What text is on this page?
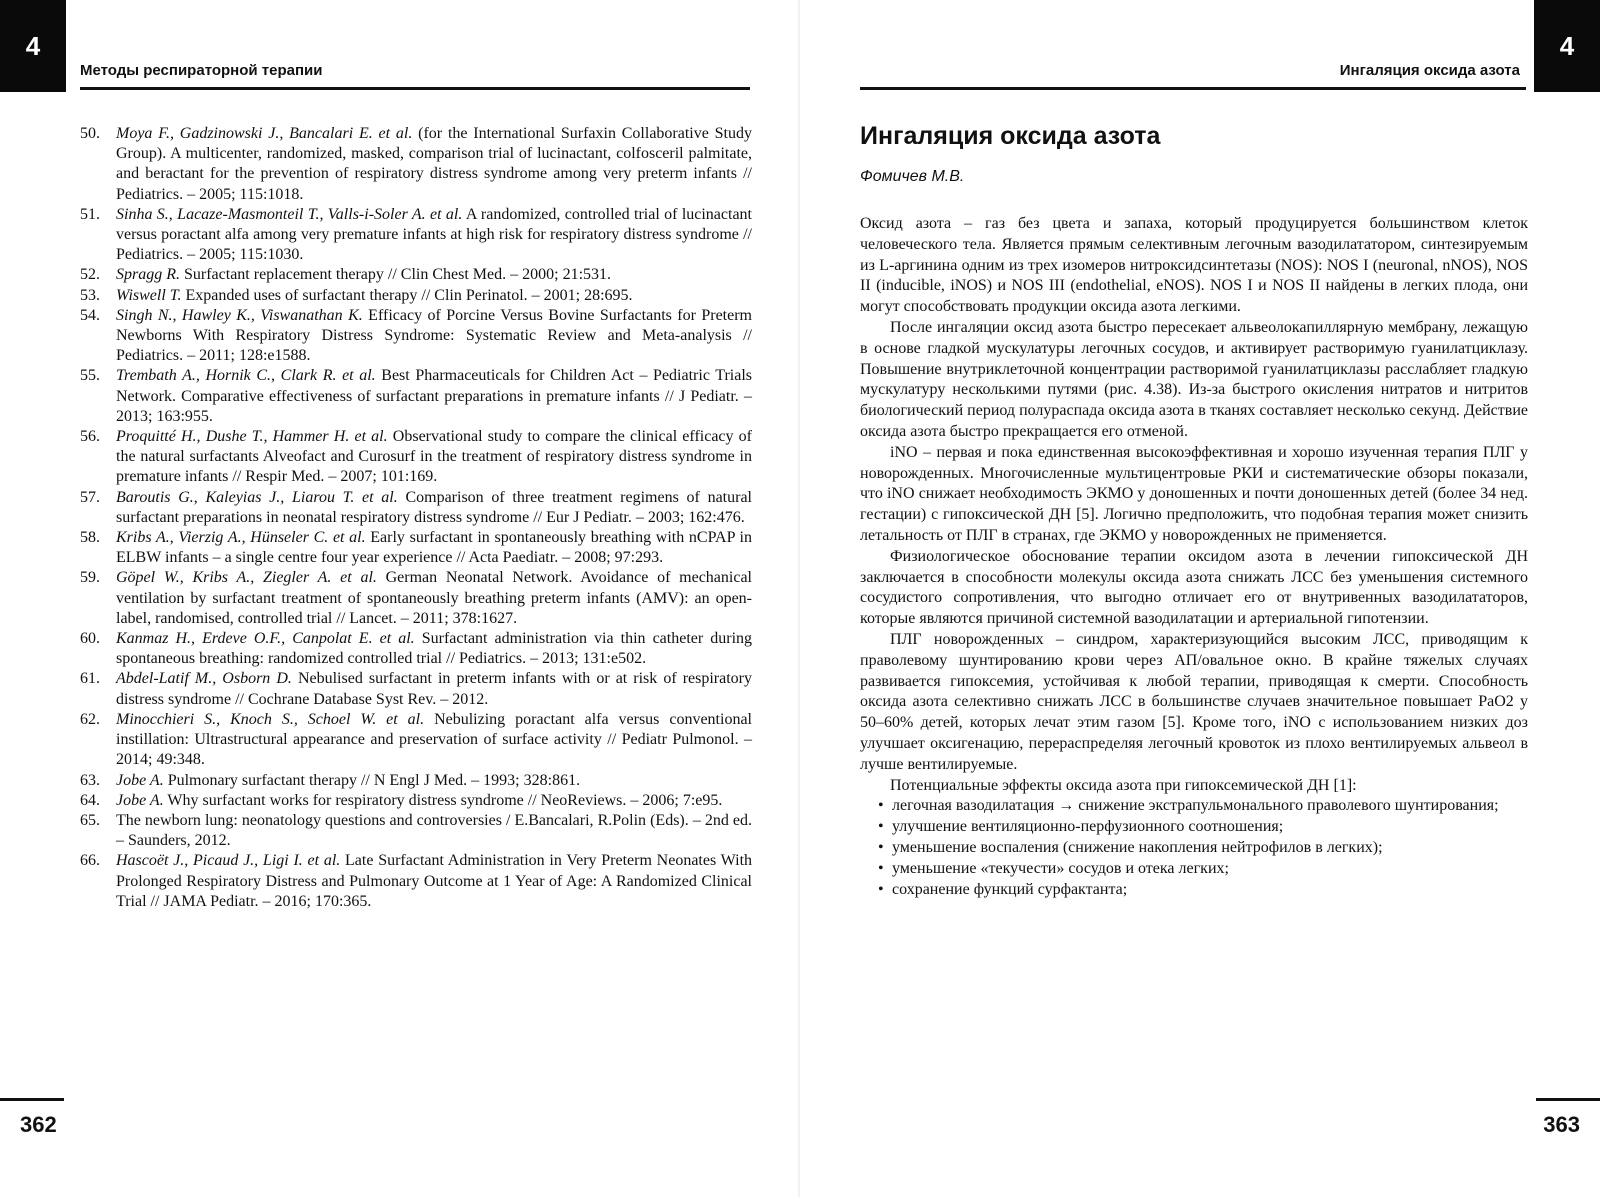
4
Методы респираторной терапии
50.	Moya F., Gadzinowski J., Bancalari E. et al. (for the International Surfaxin Collaborative Study Group). A multicenter, randomized, masked, comparison trial of lucinactant, colfosceril palmitate, and beractant for the prevention of respiratory distress syndrome among very preterm infants // Pediatrics. – 2005; 115:1018.
51.	Sinha S., Lacaze-Masmonteil T., Valls-i-Soler A. et al. A randomized, controlled trial of lucinactant versus poractant alfa among very premature infants at high risk for respiratory distress syndrome // Pediatrics. – 2005; 115:1030.
52.	Spragg R. Surfactant replacement therapy // Clin Chest Med. – 2000; 21:531.
53.	Wiswell T. Expanded uses of surfactant therapy // Clin Perinatol. – 2001; 28:695.
54.	Singh N., Hawley K., Viswanathan K. Efficacy of Porcine Versus Bovine Surfactants for Preterm Newborns With Respiratory Distress Syndrome: Systematic Review and Meta-analysis // Pediatrics. – 2011; 128:e1588.
55.	Trembath A., Hornik C., Clark R. et al. Best Pharmaceuticals for Children Act – Pediatric Trials Network. Comparative effectiveness of surfactant preparations in premature infants // J Pediatr. – 2013; 163:955.
56.	Proquitté H., Dushe T., Hammer H. et al. Observational study to compare the clinical efficacy of the natural surfactants Alveofact and Curosurf in the treatment of respiratory distress syndrome in premature infants // Respir Med. – 2007; 101:169.
57.	Baroutis G., Kaleyias J., Liarou T. et al. Comparison of three treatment regimens of natural surfactant preparations in neonatal respiratory distress syndrome // Eur J Pediatr. – 2003; 162:476.
58.	Kribs A., Vierzig A., Hünseler C. et al. Early surfactant in spontaneously breathing with nCPAP in ELBW infants – a single centre four year experience // Acta Paediatr. – 2008; 97:293.
59.	Göpel W., Kribs A., Ziegler A. et al. German Neonatal Network. Avoidance of mechanical ventilation by surfactant treatment of spontaneously breathing preterm infants (AMV): an open-label, randomised, controlled trial // Lancet. – 2011; 378:1627.
60.	Kanmaz H., Erdeve O.F., Canpolat E. et al. Surfactant administration via thin catheter during spontaneous breathing: randomized controlled trial // Pediatrics. – 2013; 131:e502.
61.	Abdel-Latif M., Osborn D. Nebulised surfactant in preterm infants with or at risk of respiratory distress syndrome // Cochrane Database Syst Rev. – 2012.
62.	Minocchieri S., Knoch S., Schoel W. et al. Nebulizing poractant alfa versus conventional instillation: Ultrastructural appearance and preservation of surface activity // Pediatr Pulmonol. – 2014; 49:348.
63.	Jobe A. Pulmonary surfactant therapy // N Engl J Med. – 1993; 328:861.
64.	Jobe A. Why surfactant works for respiratory distress syndrome // NeoReviews. – 2006; 7:e95.
65.	The newborn lung: neonatology questions and controversies / E.Bancalari, R.Polin (Eds). – 2nd ed. – Saunders, 2012.
66.	Hascoët J., Picaud J., Ligi I. et al. Late Surfactant Administration in Very Preterm Neonates With Prolonged Respiratory Distress and Pulmonary Outcome at 1 Year of Age: A Randomized Clinical Trial // JAMA Pediatr. – 2016; 170:365.
362
Ингаляция оксида азота
4
Ингаляция оксида азота
Фомичев М.В.

Оксид азота – газ без цвета и запаха, который продуцируется большинством клеток человеческого тела. Является прямым селективным легочным вазодилататором, синтезируемым из L-аргинина одним из трех изомеров нитроксидсинтетазы (NOS): NOS I (neuronal, nNOS), NOS II (inducible, iNOS) и NOS III (endothelial, eNOS). NOS I и NOS II найдены в легких плода, они могут способствовать продукции оксида азота легкими.

После ингаляции оксид азота быстро пересекает альвеолокапиллярную мембрану, лежащую в основе гладкой мускулатуры легочных сосудов, и активирует растворимую гуанилатциклазу. Повышение внутриклеточной концентрации растворимой гуанилатциклазы расслабляет гладкую мускулатуру несколькими путями (рис. 4.38). Из-за быстрого окисления нитратов и нитритов биологический период полураспада оксида азота в тканях составляет несколько секунд. Действие оксида азота быстро прекращается его отменой.

iNO – первая и пока единственная высокоэффективная и хорошо изученная терапия ПЛГ у новорожденных. Многочисленные мультицентровые РКИ и систематические обзоры показали, что iNO снижает необходимость ЭКМО у доношенных и почти доношенных детей (более 34 нед. гестации) с гипоксической ДН [5]. Логично предположить, что подобная терапия может снизить летальность от ПЛГ в странах, где ЭКМО у новорожденных не применяется.

Физиологическое обоснование терапии оксидом азота в лечении гипоксической ДН заключается в способности молекулы оксида азота снижать ЛСС без уменьшения системного сосудистого сопротивления, что выгодно отличает его от внутривенных вазодилататоров, которые являются причиной системной вазодилатации и артериальной гипотензии.

ПЛГ новорожденных – синдром, характеризующийся высоким ЛСС, приводящим к праволевому шунтированию крови через АП/овальное окно. В крайне тяжелых случаях развивается гипоксемия, устойчивая к любой терапии, приводящая к смерти. Способность оксида азота селективно снижать ЛСС в большинстве случаев значительное повышает PaO2 у 50–60% детей, которых лечат этим газом [5]. Кроме того, iNO с использованием низких доз улучшает оксигенацию, перераспределяя легочный кровоток из плохо вентилируемых альвеол в лучше вентилируемые.

Потенциальные эффекты оксида азота при гипоксемической ДН [1]:

• легочная вазодилатация → снижение экстрапульмонального праволевого шунтирования;
• улучшение вентиляционно-перфузионного соотношения;
• уменьшение воспаления (снижение накопления нейтрофилов в легких);
• уменьшение «текучести» сосудов и отека легких;
• сохранение функций сурфактанта;
363
